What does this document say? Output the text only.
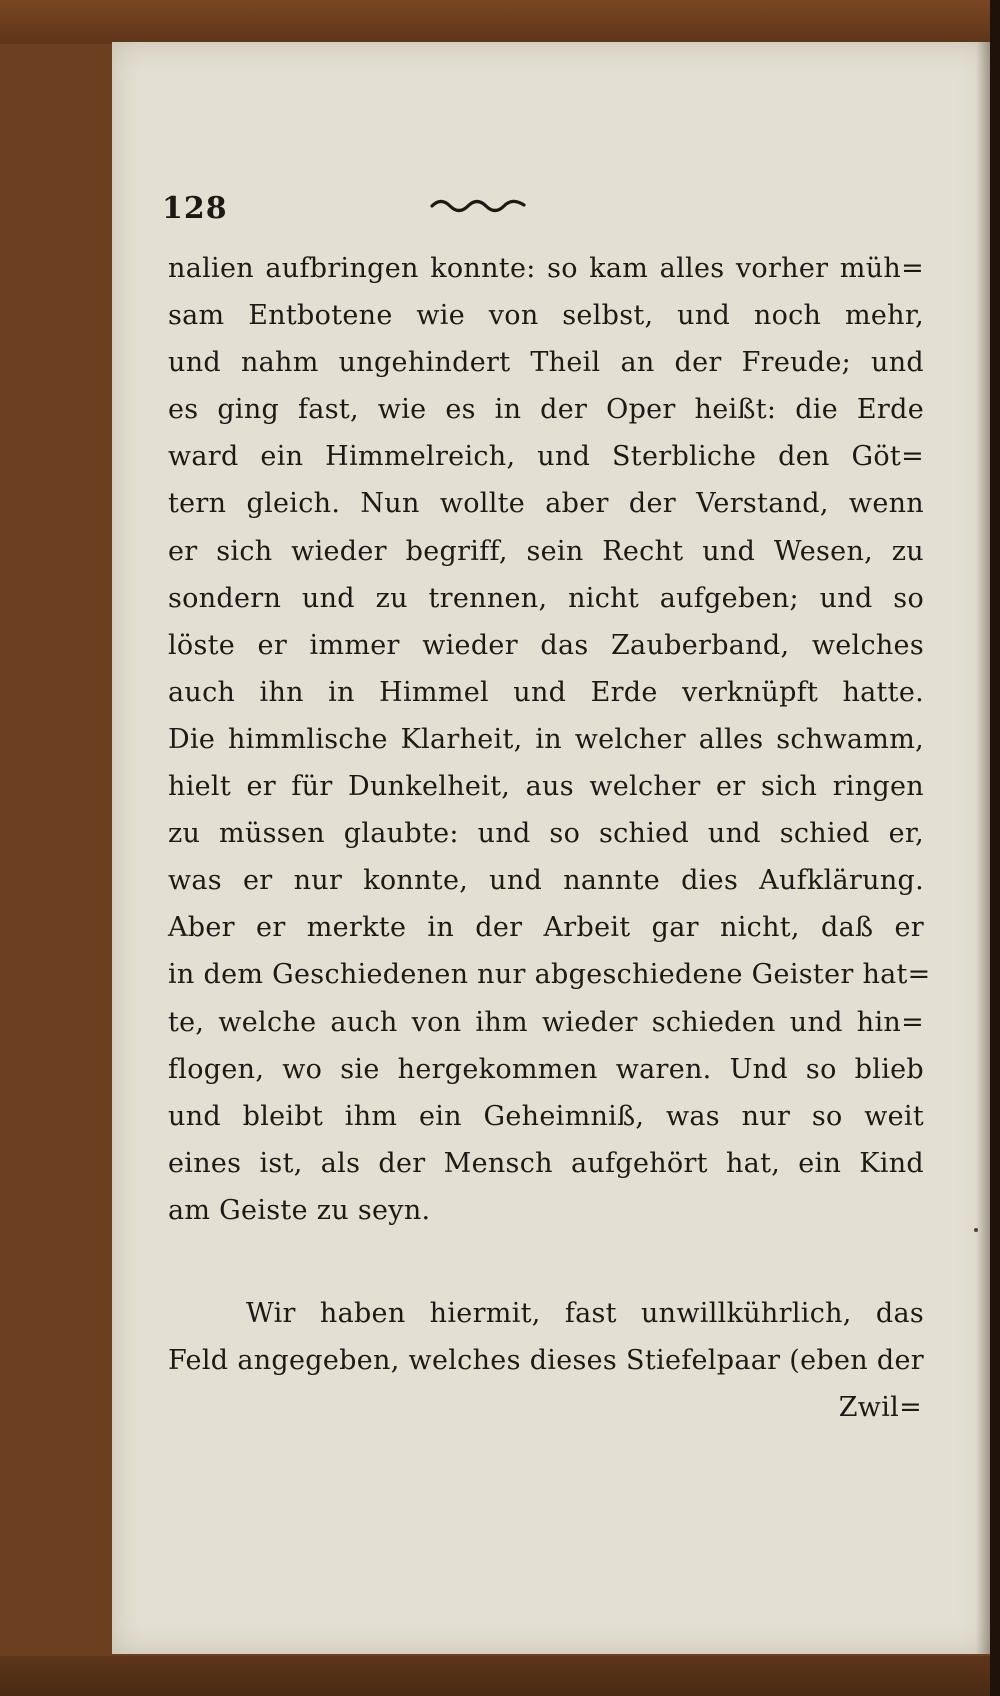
128
nalien aufbringen konnte: so kam alles vorher müh=
sam Entbotene wie von selbst, und noch mehr,
und nahm ungehindert Theil an der Freude; und
es ging fast, wie es in der Oper heißt: die Erde
ward ein Himmelreich, und Sterbliche den Göt=
tern gleich. Nun wollte aber der Verstand, wenn
er sich wieder begriff, sein Recht und Wesen, zu
sondern und zu trennen, nicht aufgeben; und so
löste er immer wieder das Zauberband, welches
auch ihn in Himmel und Erde verknüpft hatte.
Die himmlische Klarheit, in welcher alles schwamm,
hielt er für Dunkelheit, aus welcher er sich ringen
zu müssen glaubte: und so schied und schied er,
was er nur konnte, und nannte dies Aufklärung.
Aber er merkte in der Arbeit gar nicht, daß er
in dem Geschiedenen nur abgeschiedene Geister hat=
te, welche auch von ihm wieder schieden und hin=
flogen, wo sie hergekommen waren. Und so blieb
und bleibt ihm ein Geheimniß, was nur so weit
eines ist, als der Mensch aufgehört hat, ein Kind
am Geiste zu seyn.
Wir haben hiermit, fast unwillkührlich, das
Feld angegeben, welches dieses Stiefelpaar (eben der
Zwil=
